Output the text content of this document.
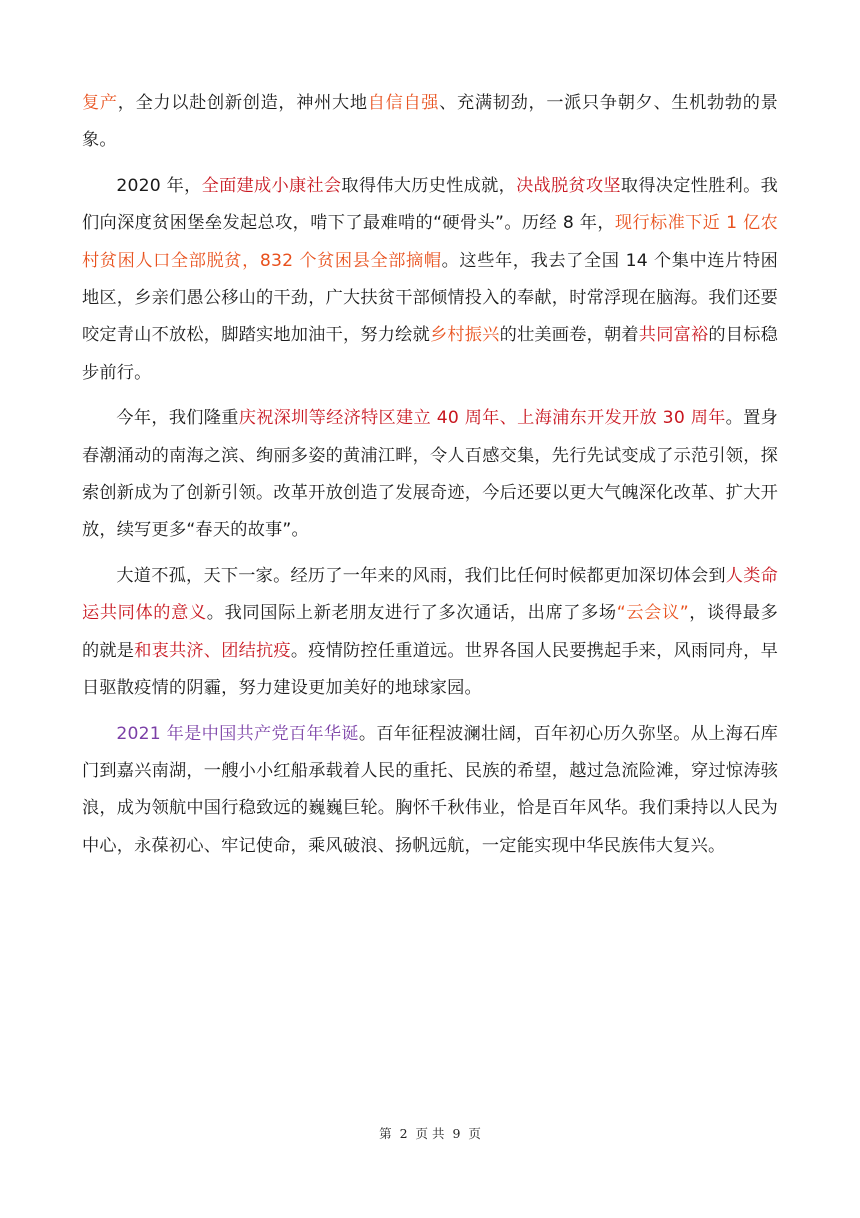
复产，全力以赴创新创造，神州大地自信自强、充满韧劲，一派只争朝夕、生机勃勃的景象。

2020 年，全面建成小康社会取得伟大历史性成就，决战脱贫攻坚取得决定性胜利。我们向深度贫困堡垒发起总攻，啃下了最难啃的“硬骨头”。历经 8 年，现行标准下近 1 亿农村贫困人口全部脱贫，832 个贫困县全部摘帽。这些年，我去了全国 14 个集中连片特困地区，乡亲们愚公移山的干劲，广大扶贫干部倾情投入的奉献，时常浮现在脑海。我们还要咬定青山不放松，脚踏实地加油干，努力绘就乡村振兴的壮美画卷，朝着共同富裕的目标稳步前行。

今年，我们隆重庆祝深圳等经济特区建立 40 周年、上海浦东开发开放 30 周年。置身春潮涌动的南海之滨、绚丽多姿的黄浦江畔，令人百感交集，先行先试变成了示范引领，探索创新成为了创新引领。改革开放创造了发展奇迹，今后还要以更大气魄深化改革、扩大开放，续写更多“春天的故事”。

大道不孤，天下一家。经历了一年来的风雨，我们比任何时候都更加深切体会到人类命运共同体的意义。我同国际上新老朋友进行了多次通话，出席了多场“云会议”，谈得最多的就是和衷共济、团结抗疫。疫情防控任重道远。世界各国人民要携起手来，风雨同舟，早日驱散疫情的阴霾，努力建设更加美好的地球家园。

2021 年是中国共产党百年华诞。百年征程波澜壮阔，百年初心历久弥坚。从上海石库门到嘉兴南湖，一艘小小红船承载着人民的重托、民族的希望，越过急流险滩，穿过惊涛骇浪，成为领航中国行稳致远的巍巍巨轮。胸怀千秋伟业，恰是百年风华。我们秉持以人民为中心，永葆初心、牢记使命，乘风破浪、扬帆远航，一定能实现中华民族伟大复兴。

第 2 页 共 9 页
